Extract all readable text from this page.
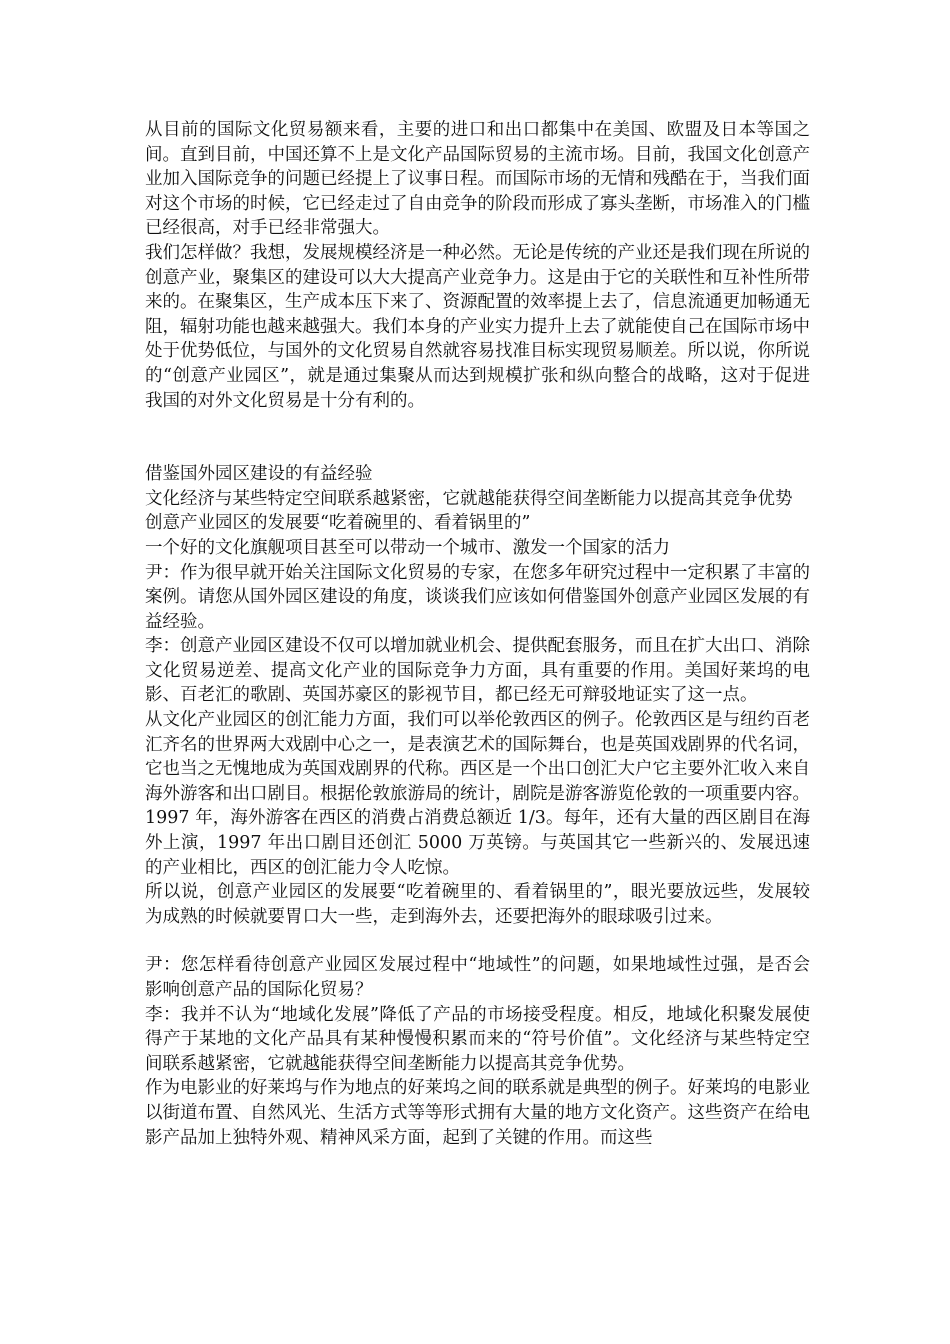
从目前的国际文化贸易额来看，主要的进口和出口都集中在美国、欧盟及日本等国之间。直到目前，中国还算不上是文化产品国际贸易的主流市场。目前，我国文化创意产业加入国际竞争的问题已经提上了议事日程。而国际市场的无情和残酷在于，当我们面对这个市场的时候，它已经走过了自由竞争的阶段而形成了寡头垄断，市场准入的门槛已经很高，对手已经非常强大。

我们怎样做？我想，发展规模经济是一种必然。无论是传统的产业还是我们现在所说的创意产业，聚集区的建设可以大大提高产业竞争力。这是由于它的关联性和互补性所带来的。在聚集区，生产成本压下来了、资源配置的效率提上去了，信息流通更加畅通无阻，辐射功能也越来越强大。我们本身的产业实力提升上去了就能使自己在国际市场中处于优势低位，与国外的文化贸易自然就容易找准目标实现贸易顺差。所以说，你所说的“创意产业园区”，就是通过集聚从而达到规模扩张和纵向整合的战略，这对于促进我国的对外文化贸易是十分有利的。

借鉴国外园区建设的有益经验

文化经济与某些特定空间联系越紧密，它就越能获得空间垄断能力以提高其竞争优势

创意产业园区的发展要“吃着碗里的、看着锅里的”

一个好的文化旗舰项目甚至可以带动一个城市、激发一个国家的活力

尹：作为很早就开始关注国际文化贸易的专家，在您多年研究过程中一定积累了丰富的案例。请您从国外园区建设的角度，谈谈我们应该如何借鉴国外创意产业园区发展的有益经验。

李：创意产业园区建设不仅可以增加就业机会、提供配套服务，而且在扩大出口、消除文化贸易逆差、提高文化产业的国际竞争力方面，具有重要的作用。美国好莱坞的电影、百老汇的歌剧、英国苏豪区的影视节目，都已经无可辩驳地证实了这一点。

从文化产业园区的创汇能力方面，我们可以举伦敦西区的例子。伦敦西区是与纽约百老汇齐名的世界两大戏剧中心之一，是表演艺术的国际舞台，也是英国戏剧界的代名词，它也当之无愧地成为英国戏剧界的代称。西区是一个出口创汇大户它主要外汇收入来自海外游客和出口剧目。根据伦敦旅游局的统计，剧院是游客游览伦敦的一项重要内容。1997 年，海外游客在西区的消费占消费总额近 1/3。每年，还有大量的西区剧目在海外上演，1997 年出口剧目还创汇 5000 万英镑。与英国其它一些新兴的、发展迅速的产业相比，西区的创汇能力令人吃惊。

所以说，创意产业园区的发展要“吃着碗里的、看着锅里的”，眼光要放远些，发展较为成熟的时候就要胃口大一些，走到海外去，还要把海外的眼球吸引过来。

尹：您怎样看待创意产业园区发展过程中“地域性”的问题，如果地域性过强，是否会影响创意产品的国际化贸易？

李：我并不认为“地域化发展”降低了产品的市场接受程度。相反，地域化积聚发展使得产于某地的文化产品具有某种慢慢积累而来的“符号价值”。文化经济与某些特定空间联系越紧密，它就越能获得空间垄断能力以提高其竞争优势。

作为电影业的好莱坞与作为地点的好莱坞之间的联系就是典型的例子。好莱坞的电影业以街道布置、自然风光、生活方式等等形式拥有大量的地方文化资产。这些资产在给电影产品加上独特外观、精神风采方面，起到了关键的作用。而这些
